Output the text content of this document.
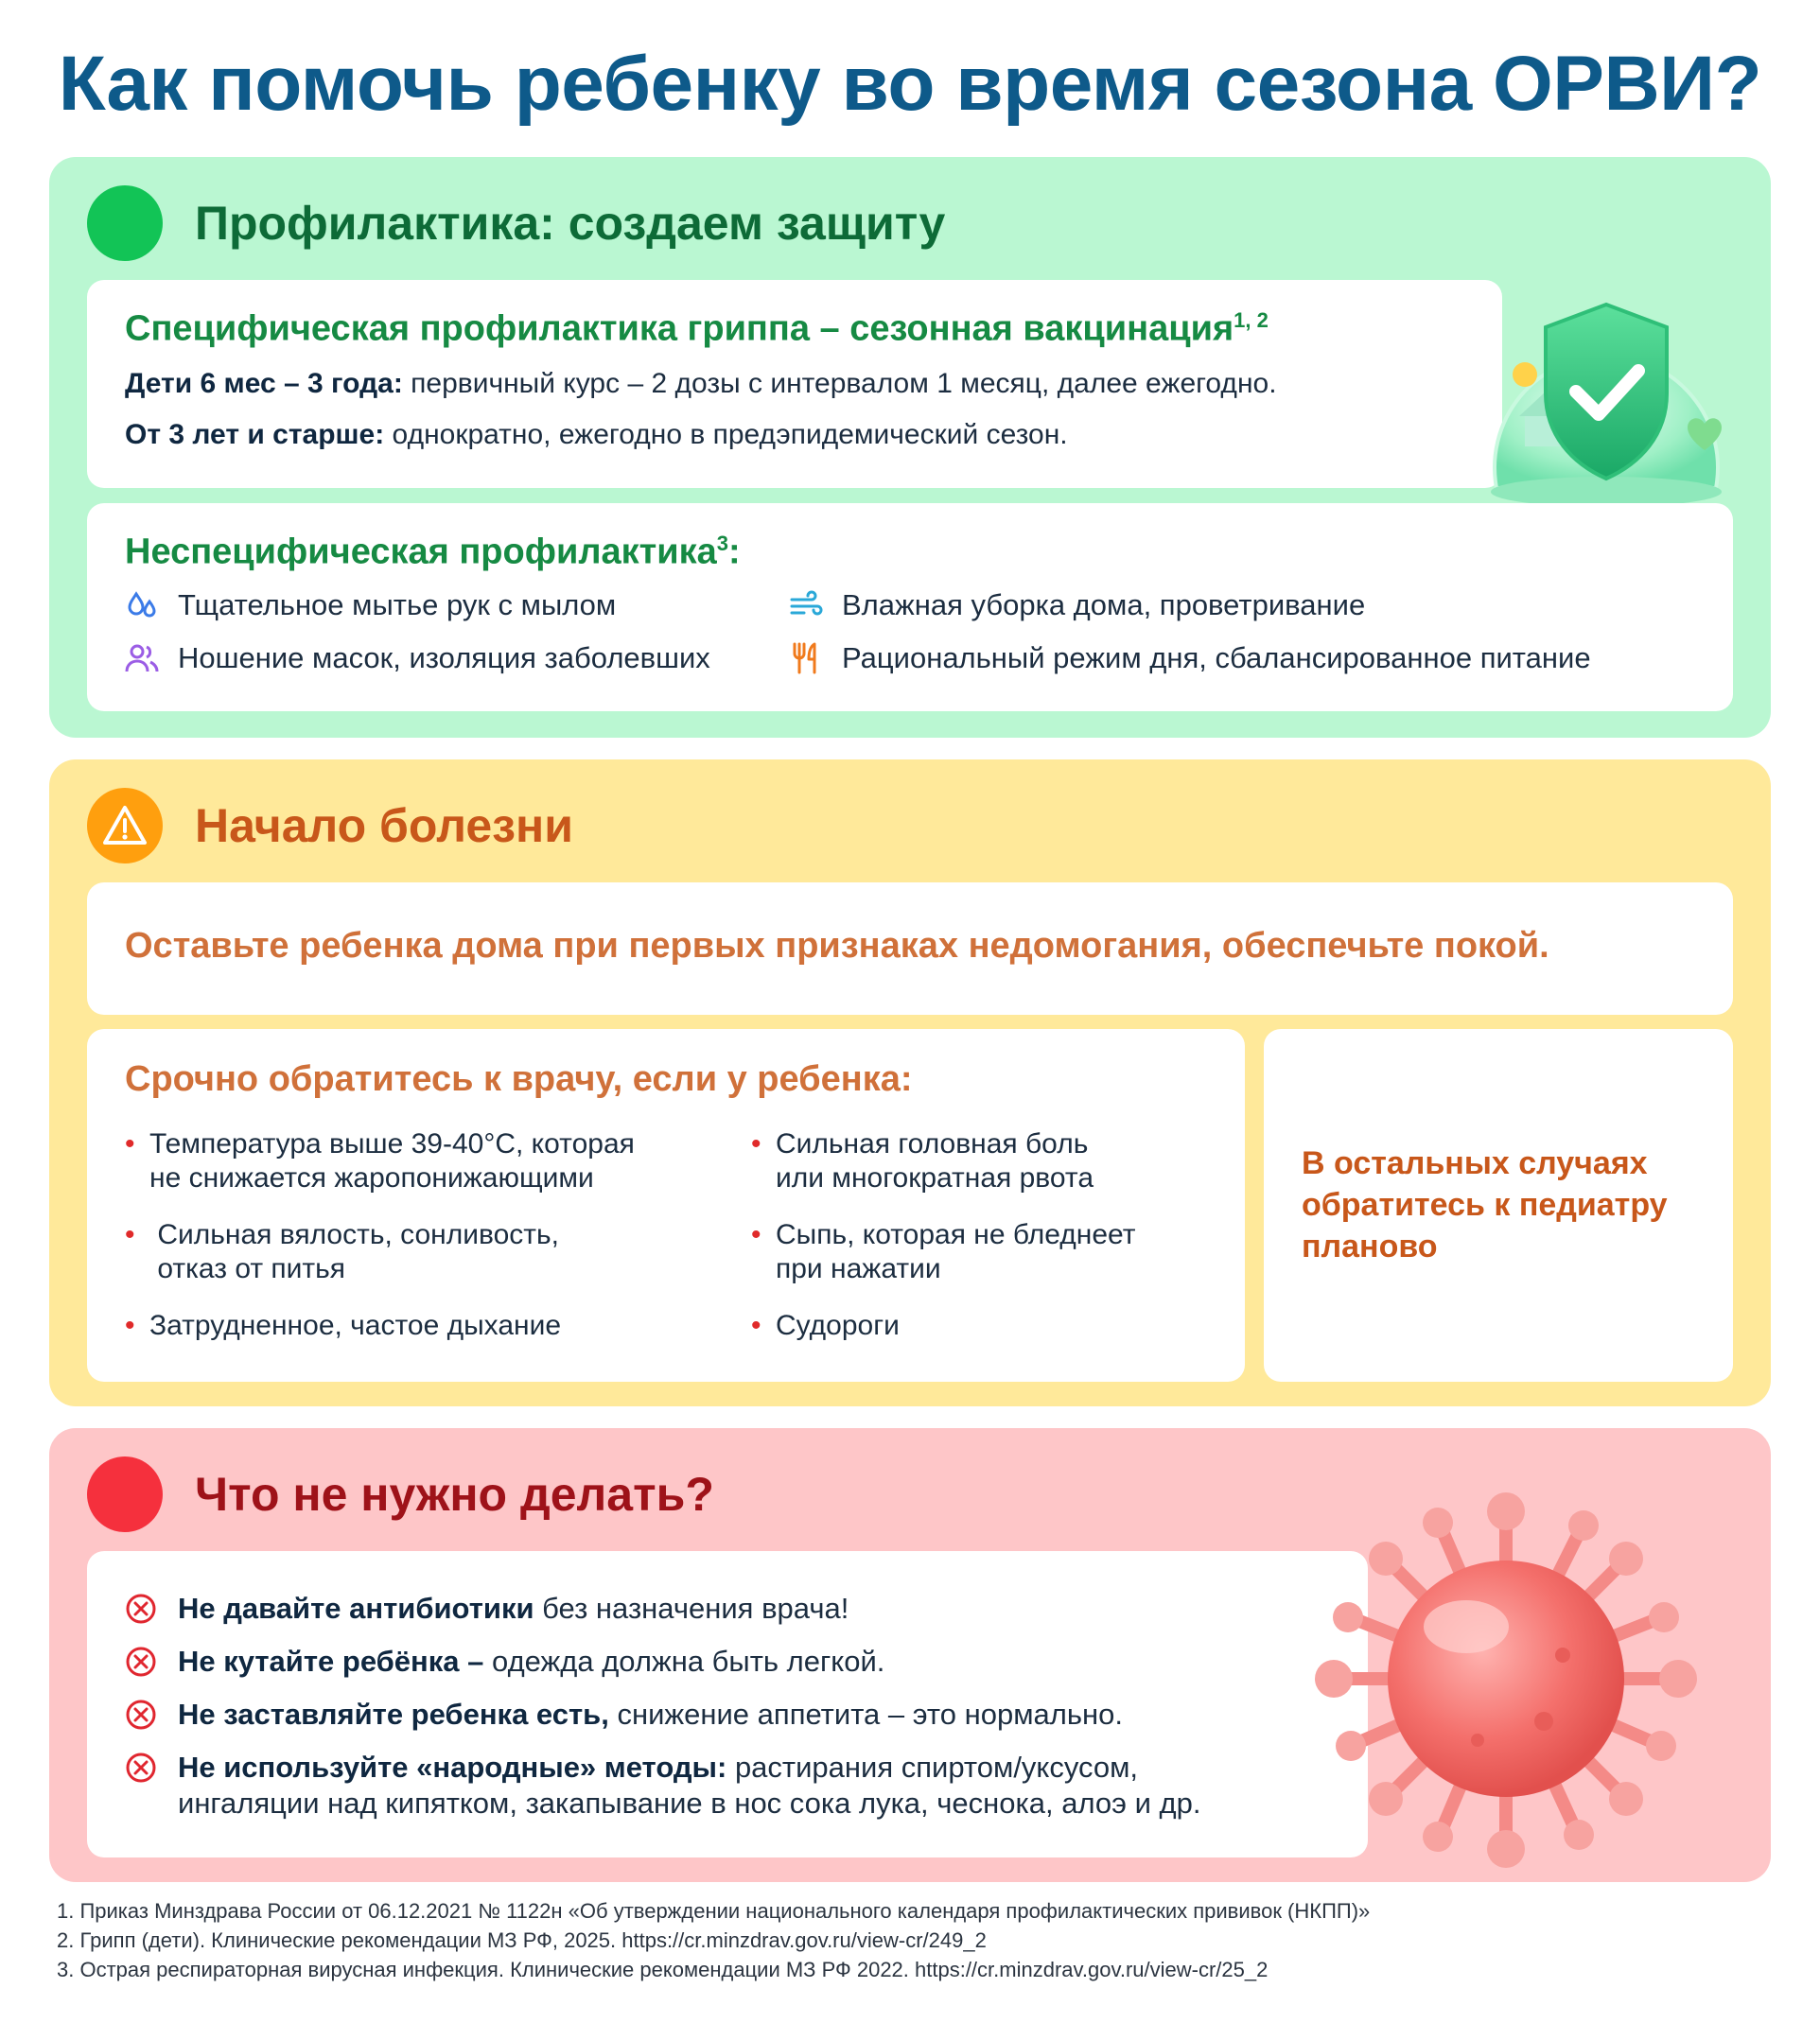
Как помочь ребенку во время сезона ОРВИ?
Профилактика: создаем защиту
Специфическая профилактика гриппа – сезонная вакцинация$^{1, 2}$
Дети 6 мес – 3 года: первичный курс – 2 дозы с интервалом 1 месяц, далее ежегодно.
От 3 лет и старше: однократно, ежегодно в предэпидемический сезон.
Неспецифическая профилактика$^3$:
Тщательное мытье рук с мылом	Влажная уборка дома, проветривание
Ношение масок, изоляция заболевших	Рациональный режим дня, сбалансированное питание
Начало болезни
Оставьте ребенка дома при первых признаках недомогания, обеспечьте покой.
Срочно обратитесь к врачу, если у ребенка:
• Температура выше 39-40°С, которая
не снижается жаропонижающими
• Сильная вялость, сонливость,
отказ от питья
• Затрудненное, частое дыхание
• Сильная головная боль
или многократная рвота
• Сыпь, которая не бледнеет
при нажатии
• Судороги
В остальных случаях обратитесь к педиатру планово
Что не нужно делать?
Не давайте антибиотики без назначения врача!
Не кутайте ребёнка – одежда должна быть легкой.
Не заставляйте ребенка есть, снижение аппетита – это нормально.
Не используйте «народные» методы: растирания спиртом/уксусом,
ингаляции над кипятком, закапывание в нос сока лука, чеснока, алоэ и др.
1. Приказ Минздрава России от 06.12.2021 № 1122н «Об утверждении национального календаря профилактических прививок (НКПП)»
2. Грипп (дети). Клинические рекомендации МЗ РФ, 2025. https://cr.minzdrav.gov.ru/view-cr/249_2
3. Острая респираторная вирусная инфекция. Клинические рекомендации МЗ РФ 2022. https://cr.minzdrav.gov.ru/view-cr/25_2
